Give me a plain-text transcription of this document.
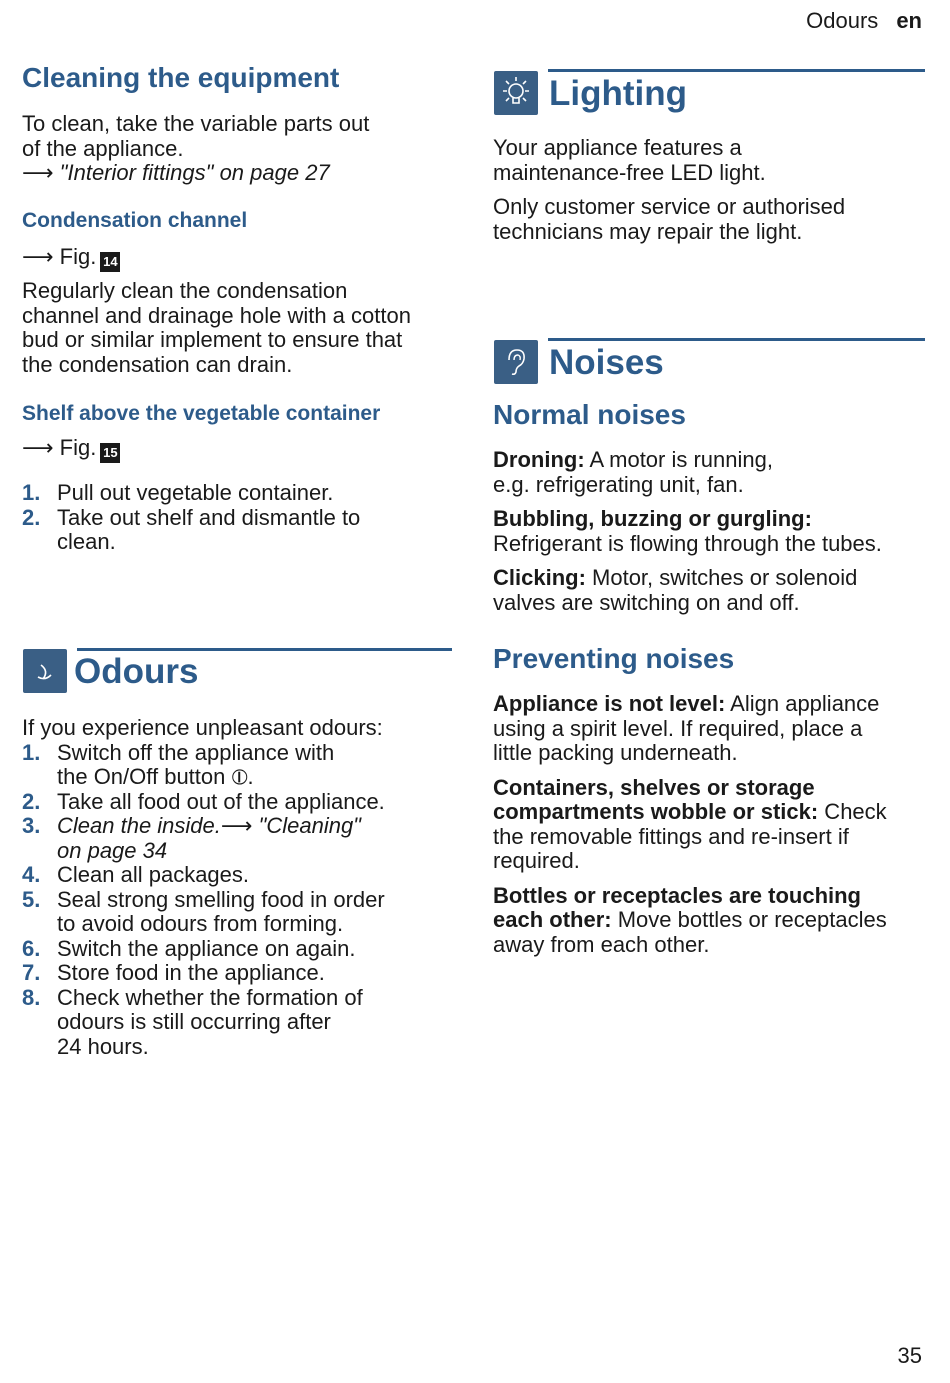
Odours en
Cleaning the equipment

To clean, take the variable parts out

of the appliance.

⟶ "Interior fittings" on page 27

Condensation channel
⟶ Fig. 14

Regularly clean the condensation

channel and drainage hole with a cotton

bud or similar implement to ensure that

the condensation can drain.

Shelf above the vegetable container
⟶ Fig. 15
1. Pull out vegetable container.
2. Take out shelf and dismantle to
clean.
Odours

If you experience unpleasant odours:

1. Switch off the appliance with
the On/Off button ⦶.
2. Take all food out of the appliance.
3. Clean the inside.⟶ "Cleaning"
on page 34
4. Clean all packages.
5. Seal strong smelling food in order
to avoid odours from forming.
6. Switch the appliance on again.
7. Store food in the appliance.
8. Check whether the formation of
odours is still occurring after
24 hours.
Lighting

Your appliance features a

maintenance-free LED light.

Only customer service or authorised

technicians may repair the light.

Noises
Normal noises

Droning: A motor is running,

e.g. refrigerating unit, fan.

Bubbling, buzzing or gurgling:

Refrigerant is flowing through the tubes.

Clicking: Motor, switches or solenoid

valves are switching on and off.

Preventing noises

Appliance is not level: Align appliance

using a spirit level. If required, place a

little packing underneath.

Containers, shelves or storage

compartments wobble or stick: Check

the removable fittings and re-insert if

required.

Bottles or receptacles are touching

each other: Move bottles or receptacles

away from each other.

35
